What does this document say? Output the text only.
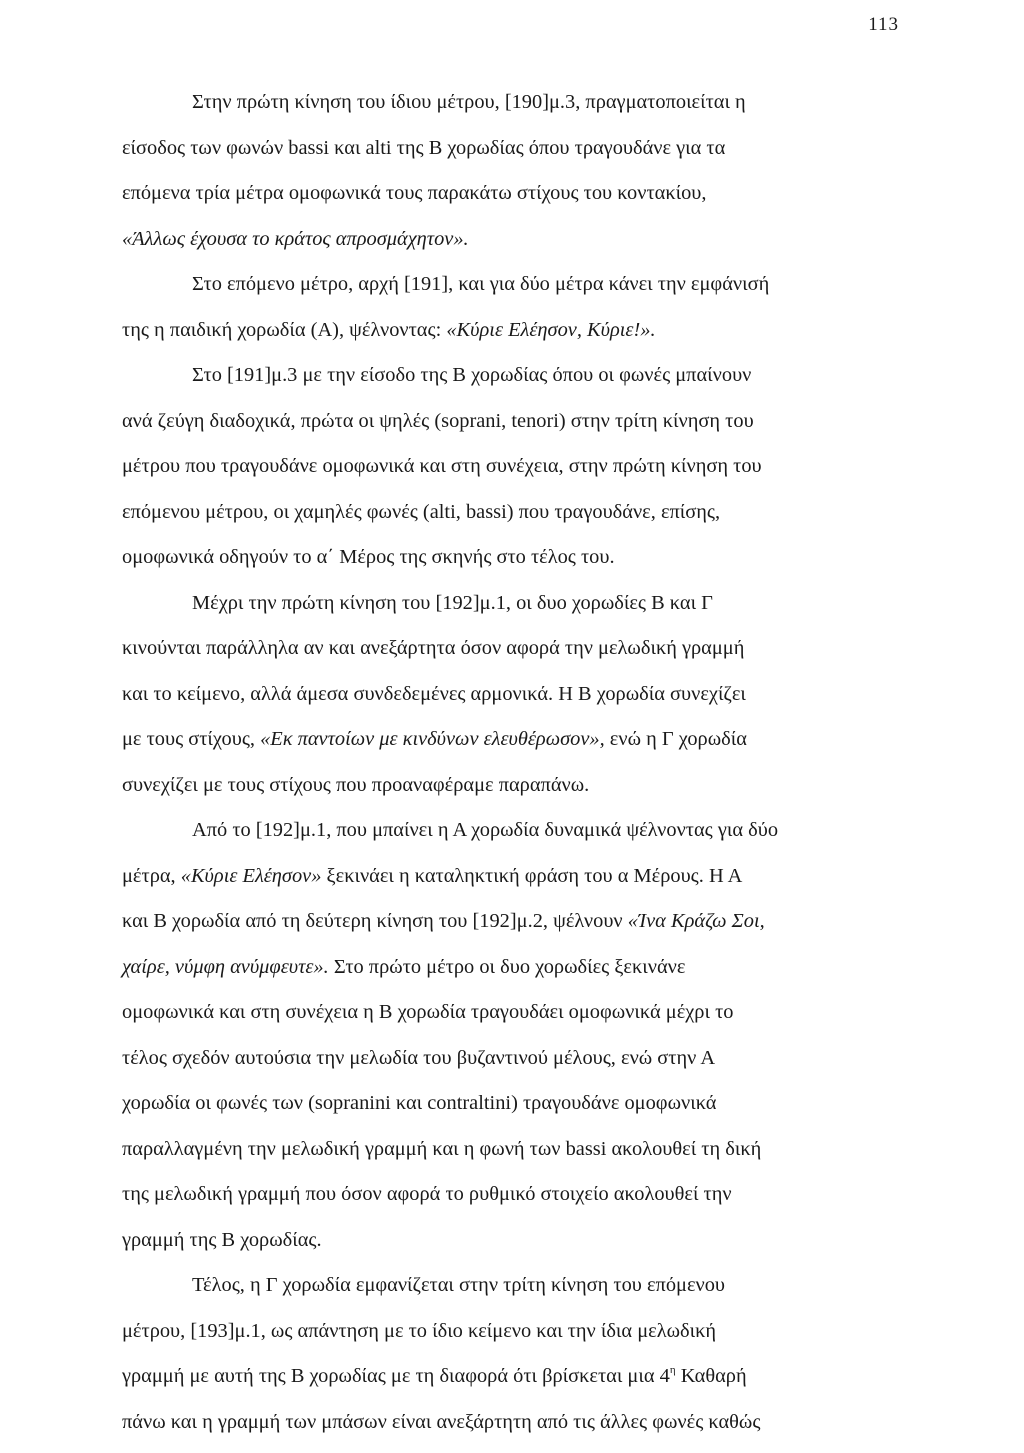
113

Στην πρώτη κίνηση του ίδιου μέτρου, [190]μ.3, πραγματοποιείται η
είσοδος των φωνών bassi και alti της Β χορωδίας όπου τραγουδάνε για τα
επόμενα τρία μέτρα ομοφωνικά τους παρακάτω στίχους του κοντακίου,
«Άλλως έχουσα το κράτος απροσμάχητον».

Στο επόμενο μέτρο, αρχή [191], και για δύο μέτρα κάνει την εμφάνισή
της η παιδική χορωδία (Α), ψέλνοντας: «Κύριε Ελέησον, Κύριε!».

Στο [191]μ.3 με την είσοδο της Β χορωδίας όπου οι φωνές μπαίνουν
ανά ζεύγη διαδοχικά, πρώτα οι ψηλές (soprani, tenori) στην τρίτη κίνηση του
μέτρου που τραγουδάνε ομοφωνικά και στη συνέχεια, στην πρώτη κίνηση του
επόμενου μέτρου, οι χαμηλές φωνές (alti, bassi) που τραγουδάνε, επίσης,
ομοφωνικά οδηγούν το α΄ Μέρος της σκηνής στο τέλος του.

Μέχρι την πρώτη κίνηση του [192]μ.1, οι δυο χορωδίες Β και Γ
κινούνται παράλληλα αν και ανεξάρτητα όσον αφορά την μελωδική γραμμή
και το κείμενο, αλλά άμεσα συνδεδεμένες αρμονικά. Η Β χορωδία συνεχίζει
με τους στίχους, «Εκ παντοίων με κινδύνων ελευθέρωσον», ενώ η Γ χορωδία
συνεχίζει με τους στίχους που προαναφέραμε παραπάνω.

Από το [192]μ.1, που μπαίνει η Α χορωδία δυναμικά ψέλνοντας για δύο
μέτρα, «Κύριε Ελέησον» ξεκινάει η καταληκτική φράση του α Μέρους. Η Α
και Β χορωδία από τη δεύτερη κίνηση του [192]μ.2, ψέλνουν «Ίνα Κράζω Σοι,
χαίρε, νύμφη ανύμφευτε». Στο πρώτο μέτρο οι δυο χορωδίες ξεκινάνε
ομοφωνικά και στη συνέχεια η Β χορωδία τραγουδάει ομοφωνικά μέχρι το
τέλος σχεδόν αυτούσια την μελωδία του βυζαντινού μέλους, ενώ στην Α
χορωδία οι φωνές των (sopranini και contraltini) τραγουδάνε ομοφωνικά
παραλλαγμένη την μελωδική γραμμή και η φωνή των bassi ακολουθεί τη δική
της μελωδική γραμμή που όσον αφορά το ρυθμικό στοιχείο ακολουθεί την
γραμμή της Β χορωδίας.

Τέλος, η Γ χορωδία εμφανίζεται στην τρίτη κίνηση του επόμενου
μέτρου, [193]μ.1, ως απάντηση με το ίδιο κείμενο και την ίδια μελωδική
γραμμή με αυτή της Β χορωδίας με τη διαφορά ότι βρίσκεται μια $4^\eta$ Καθαρή
πάνω και η γραμμή των μπάσων είναι ανεξάρτητη από τις άλλες φωνές καθώς
